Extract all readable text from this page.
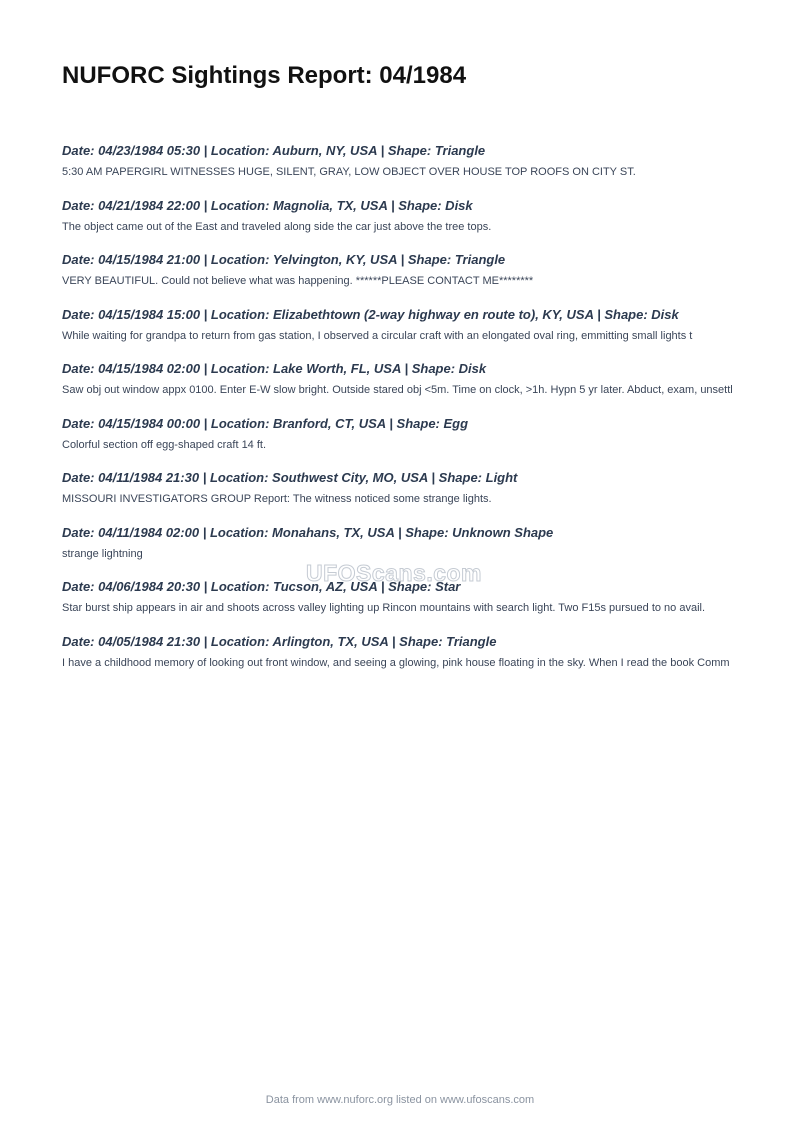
NUFORC Sightings Report: 04/1984
Date: 04/23/1984 05:30 | Location: Auburn, NY, USA | Shape: Triangle

5:30 AM PAPERGIRL WITNESSES HUGE, SILENT, GRAY, LOW OBJECT OVER HOUSE TOP ROOFS ON CITY ST.

Date: 04/21/1984 22:00 | Location: Magnolia, TX, USA | Shape: Disk

The object came out of the East and traveled along side the car just above the tree tops.

Date: 04/15/1984 21:00 | Location: Yelvington, KY, USA | Shape: Triangle

VERY BEAUTIFUL. Could not believe what was happening. ******PLEASE CONTACT ME********

Date: 04/15/1984 15:00 | Location: Elizabethtown (2-way highway en route to), KY, USA | Shape: Disk

While waiting for grandpa to return from gas station, I observed a circular craft with an elongated oval ring, emmitting small lights t

Date: 04/15/1984 02:00 | Location: Lake Worth, FL, USA | Shape: Disk

Saw obj out window appx 0100. Enter E-W slow bright. Outside stared obj <5m. Time on clock, >1h. Hypn 5 yr later. Abduct, exam, unsettl

Date: 04/15/1984 00:00 | Location: Branford, CT, USA | Shape: Egg

Colorful section off egg-shaped craft 14 ft.

Date: 04/11/1984 21:30 | Location: Southwest City, MO, USA | Shape: Light

MISSOURI INVESTIGATORS GROUP Report: The witness noticed some strange lights.

Date: 04/11/1984 02:00 | Location: Monahans, TX, USA | Shape: Unknown Shape

strange lightning

Date: 04/06/1984 20:30 | Location: Tucson, AZ, USA | Shape: Star

Star burst ship appears in air and shoots across valley lighting up Rincon mountains with search light. Two F15s pursued to no avail.

Date: 04/05/1984 21:30 | Location: Arlington, TX, USA | Shape: Triangle

I have a childhood memory of looking out front window, and seeing a glowing, pink house floating in the sky. When I read the book Comm

UFOScans.com
Data from www.nuforc.org listed on www.ufoscans.com
